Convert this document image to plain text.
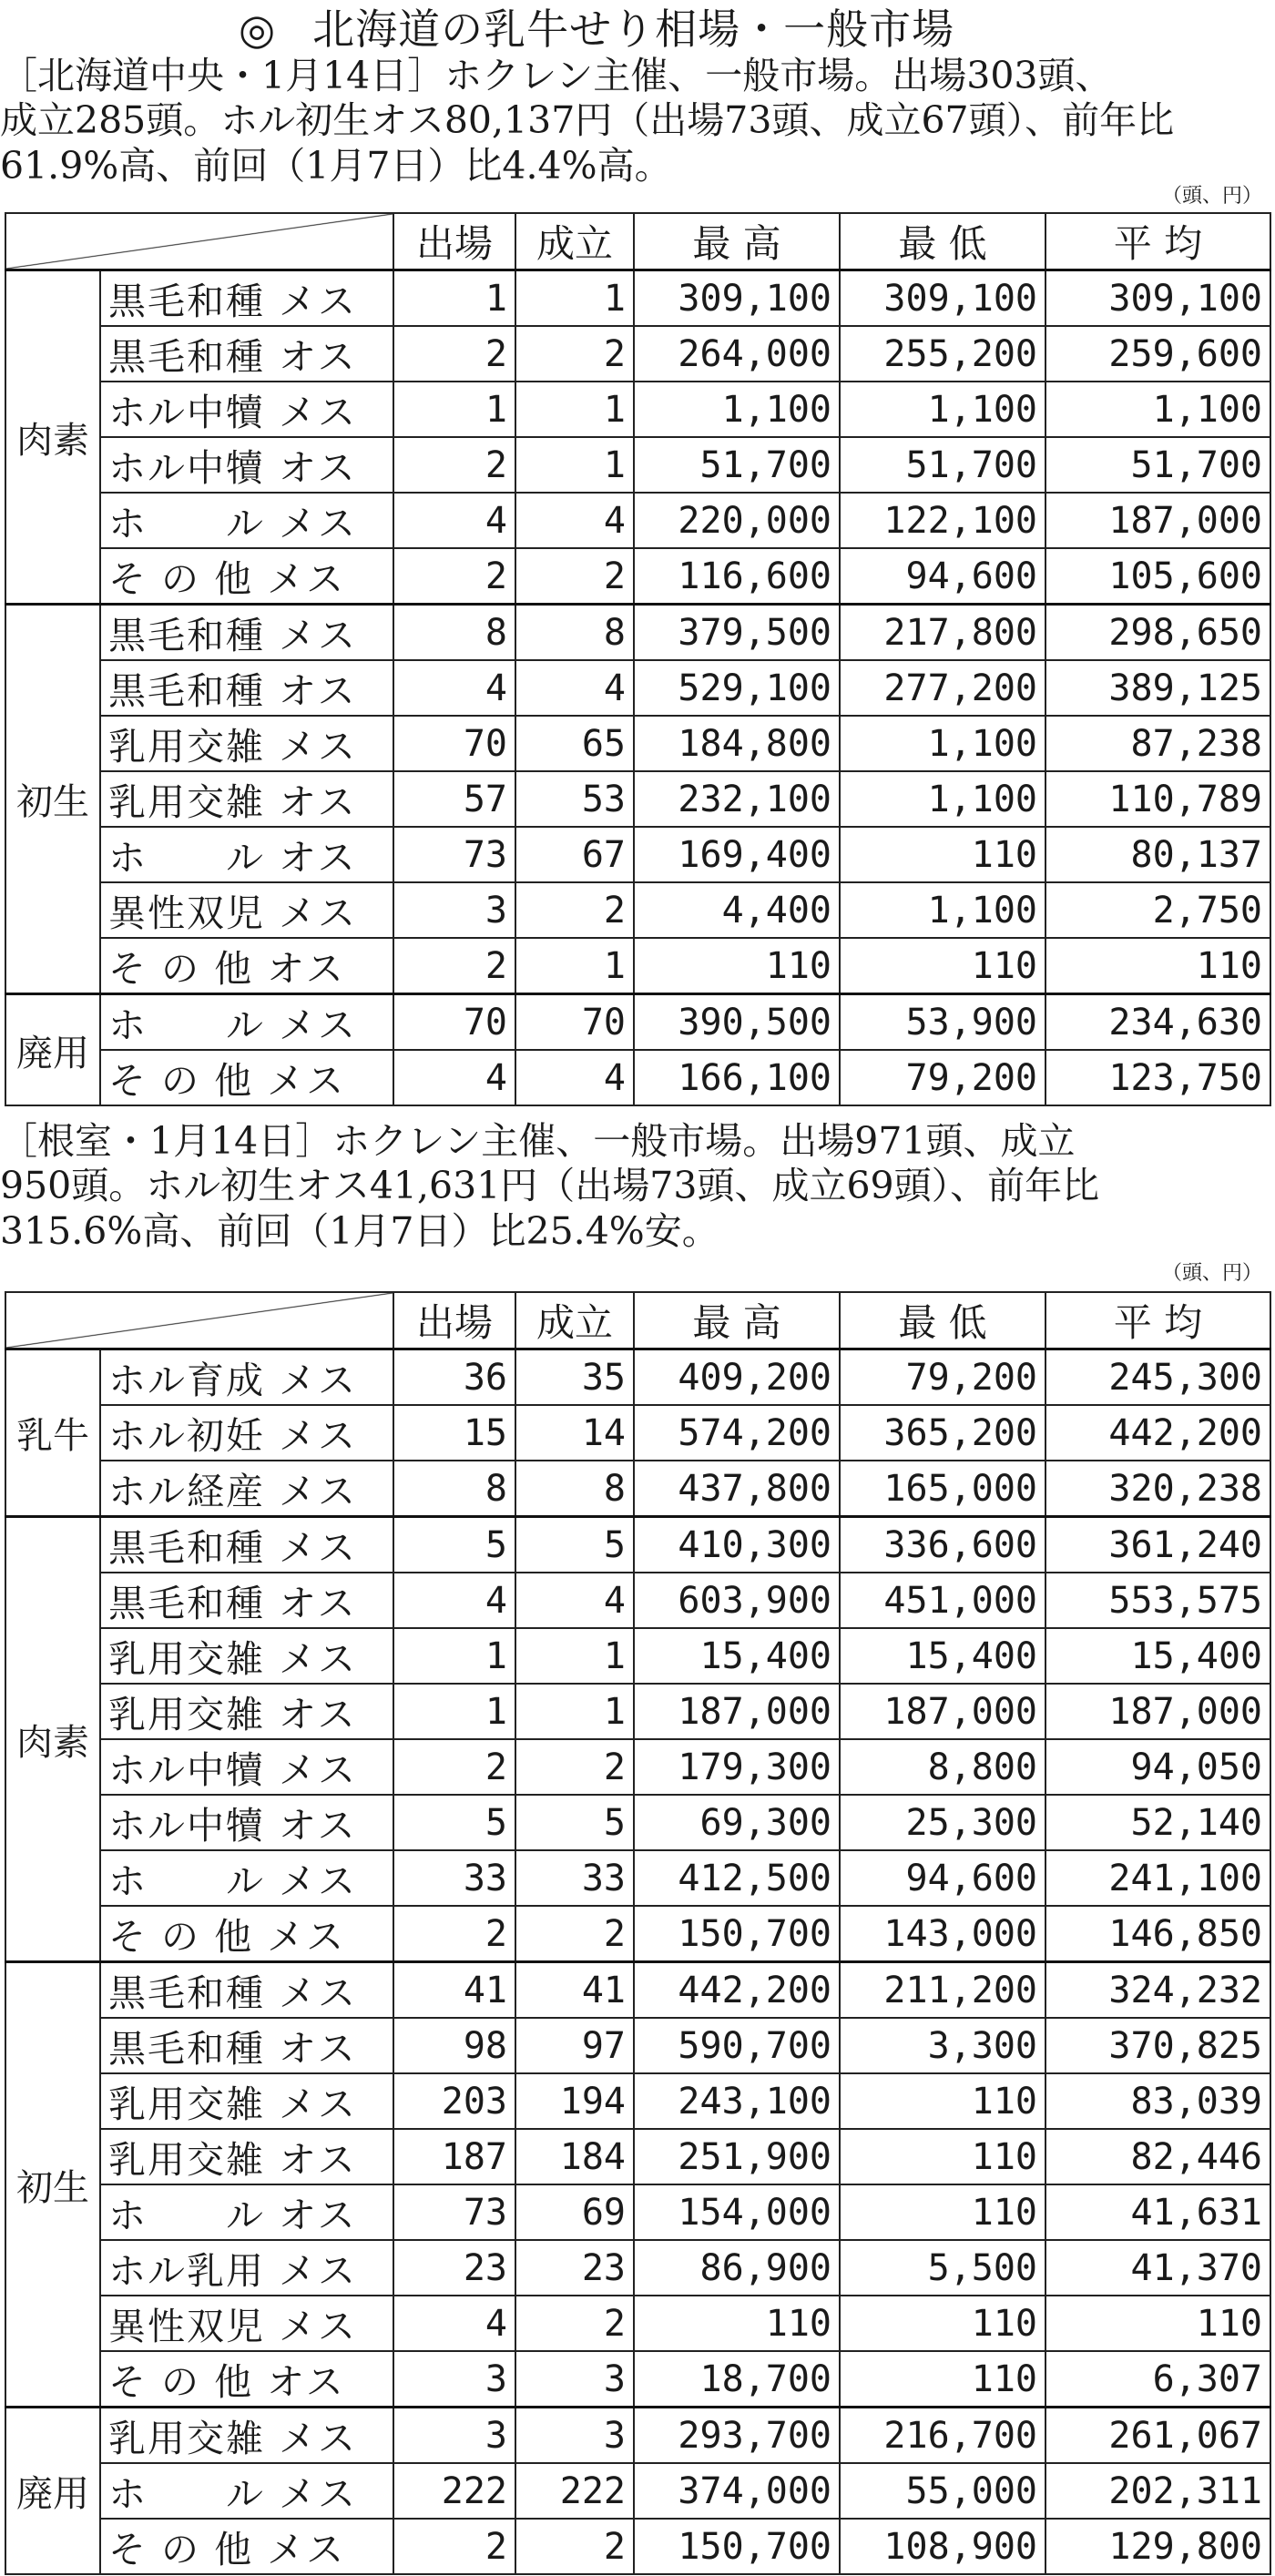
◎ 北海道の乳牛せり相場・一般市場
［北海道中央・1月14日］ホクレン主催、一般市場。出場303頭、
成立285頭。ホル初生オス80,137円（出場73頭、成立67頭）、前年比
61.9%高、前回（1月7日）比4.4%高。
（頭、円）
		出場	成立	最 高	最 低	平 均
肉素	黒毛和種 メス	1	1	309,100	309,100	309,100
	黒毛和種 オス	2	2	264,000	255,200	259,600
	ホル中犢 メス	1	1	1,100	1,100	1,100
	ホル中犢 オス	2	1	51,700	51,700	51,700
	ホ　　ル メス	4	4	220,000	122,100	187,000
	そ の 他 メス	2	2	116,600	94,600	105,600
初生	黒毛和種 メス	8	8	379,500	217,800	298,650
	黒毛和種 オス	4	4	529,100	277,200	389,125
	乳用交雑 メス	70	65	184,800	1,100	87,238
	乳用交雑 オス	57	53	232,100	1,100	110,789
	ホ　　ル オス	73	67	169,400	110	80,137
	異性双児 メス	3	2	4,400	1,100	2,750
	そ の 他 オス	2	1	110	110	110
廃用	ホ　　ル メス	70	70	390,500	53,900	234,630
	そ の 他 メス	4	4	166,100	79,200	123,750
［根室・1月14日］ホクレン主催、一般市場。出場971頭、成立
950頭。ホル初生オス41,631円（出場73頭、成立69頭）、前年比
315.6%高、前回（1月7日）比25.4%安。
（頭、円）
		出場	成立	最 高	最 低	平 均
乳牛	ホル育成 メス	36	35	409,200	79,200	245,300
	ホル初妊 メス	15	14	574,200	365,200	442,200
	ホル経産 メス	8	8	437,800	165,000	320,238
肉素	黒毛和種 メス	5	5	410,300	336,600	361,240
	黒毛和種 オス	4	4	603,900	451,000	553,575
	乳用交雑 メス	1	1	15,400	15,400	15,400
	乳用交雑 オス	1	1	187,000	187,000	187,000
	ホル中犢 メス	2	2	179,300	8,800	94,050
	ホル中犢 オス	5	5	69,300	25,300	52,140
	ホ　　ル メス	33	33	412,500	94,600	241,100
	そ の 他 メス	2	2	150,700	143,000	146,850
初生	黒毛和種 メス	41	41	442,200	211,200	324,232
	黒毛和種 オス	98	97	590,700	3,300	370,825
	乳用交雑 メス	203	194	243,100	110	83,039
	乳用交雑 オス	187	184	251,900	110	82,446
	ホ　　ル オス	73	69	154,000	110	41,631
	ホル乳用 メス	23	23	86,900	5,500	41,370
	異性双児 メス	4	2	110	110	110
	そ の 他 オス	3	3	18,700	110	6,307
廃用	乳用交雑 メス	3	3	293,700	216,700	261,067
	ホ　　ル メス	222	222	374,000	55,000	202,311
	そ の 他 メス	2	2	150,700	108,900	129,800
